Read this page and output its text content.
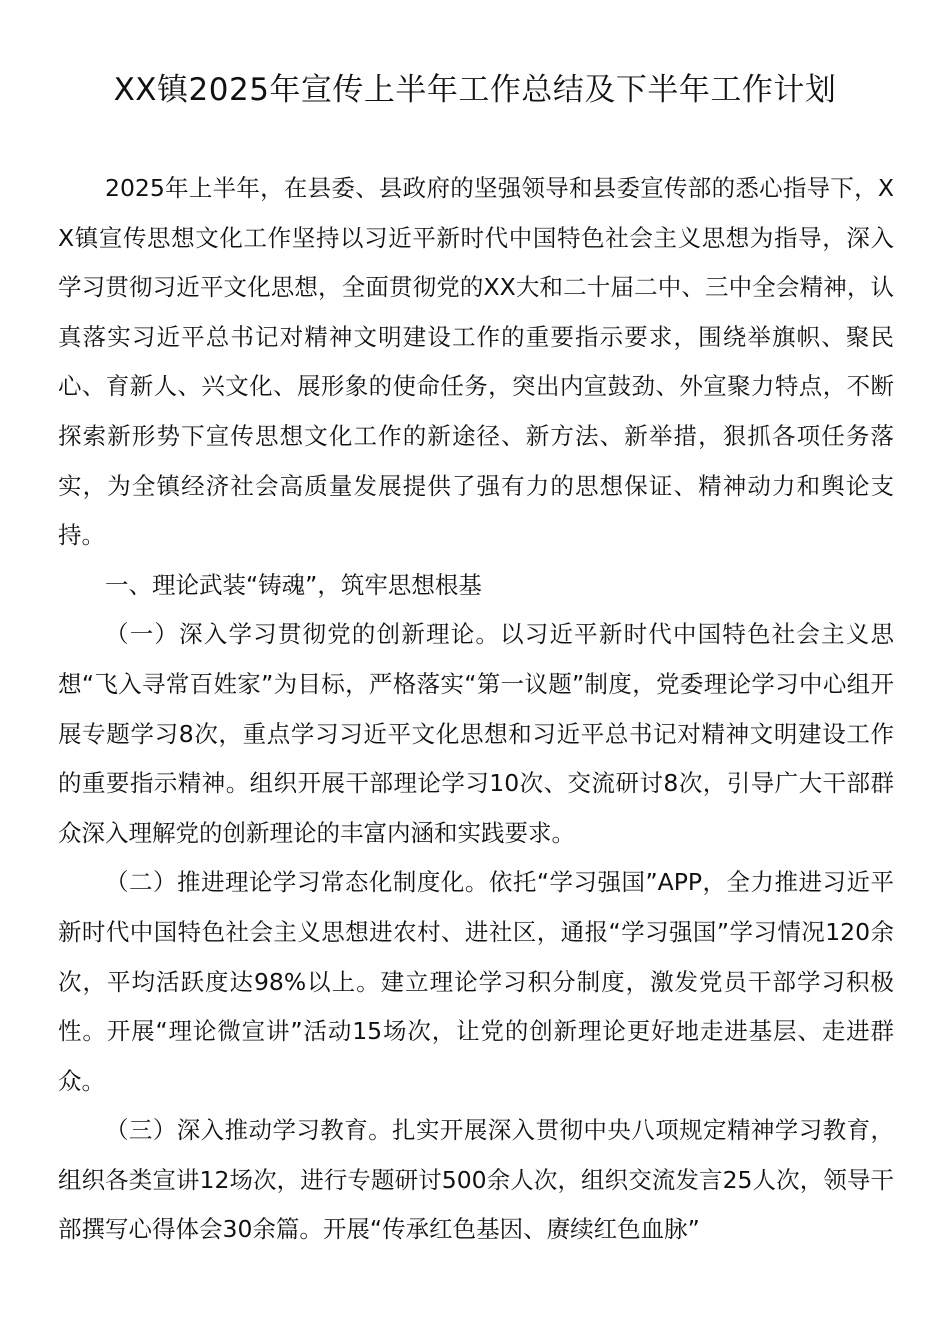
XX镇2025年宣传上半年工作总结及下半年工作计划

2025年上半年，在县委、县政府的坚强领导和县委宣传部的悉心指导下，XX镇宣传思想文化工作坚持以习近平新时代中国特色社会主义思想为指导，深入学习贯彻习近平文化思想，全面贯彻党的XX大和二十届二中、三中全会精神，认真落实习近平总书记对精神文明建设工作的重要指示要求，围绕举旗帜、聚民心、育新人、兴文化、展形象的使命任务，突出内宣鼓劲、外宣聚力特点，不断探索新形势下宣传思想文化工作的新途径、新方法、新举措，狠抓各项任务落实，为全镇经济社会高质量发展提供了强有力的思想保证、精神动力和舆论支持。

一、理论武装“铸魂”，筑牢思想根基

（一）深入学习贯彻党的创新理论。以习近平新时代中国特色社会主义思想“飞入寻常百姓家”为目标，严格落实“第一议题”制度，党委理论学习中心组开展专题学习8次，重点学习习近平文化思想和习近平总书记对精神文明建设工作的重要指示精神。组织开展干部理论学习10次、交流研讨8次，引导广大干部群众深入理解党的创新理论的丰富内涵和实践要求。

（二）推进理论学习常态化制度化。依托“学习强国”APP，全力推进习近平新时代中国特色社会主义思想进农村、进社区，通报“学习强国”学习情况120余次，平均活跃度达98%以上。建立理论学习积分制度，激发党员干部学习积极性。开展“理论微宣讲”活动15场次，让党的创新理论更好地走进基层、走进群众。

（三）深入推动学习教育。扎实开展深入贯彻中央八项规定精神学习教育，组织各类宣讲12场次，进行专题研讨500余人次，组织交流发言25人次，领导干部撰写心得体会30余篇。开展“传承红色基因、赓续红色血脉”
